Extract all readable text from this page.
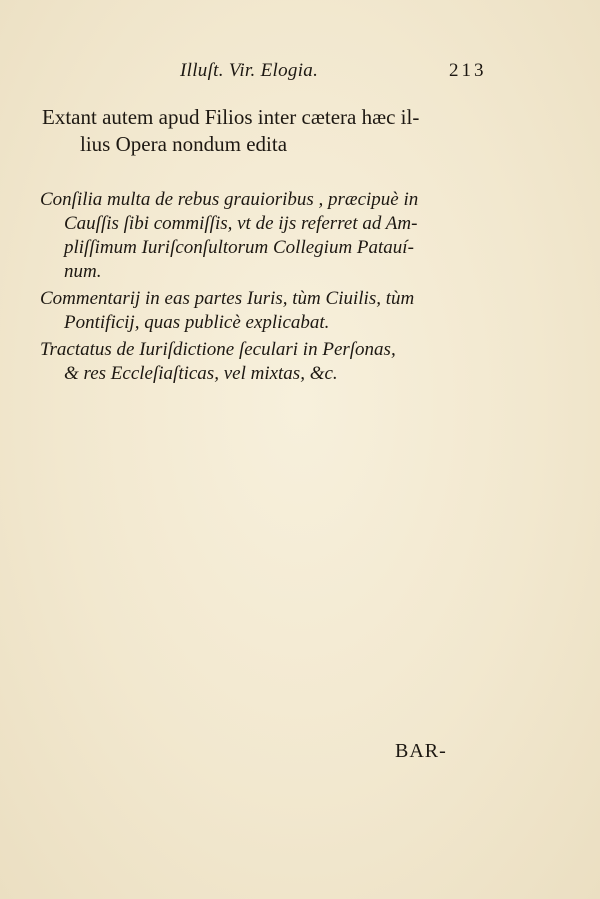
Illuſt. Vir. Elogia.	213
Extant autem apud Filios inter cætera hæc il-
lius Opera nondum edita
Conſilia multa de rebus grauioribus , præcipuè in
Cauſſis ſibi commiſſis, vt de ijs referret ad Am-
pliſſimum Iuriſconſultorum Collegium Patauí-
num.
Commentarij in eas partes Iuris, tùm Ciuilis, tùm
Pontificij, quas publicè explicabat.
Tractatus de Iuriſdictione ſeculari in Perſonas,
& res Eccleſiaſticas, vel mixtas, &c.
BAR-
